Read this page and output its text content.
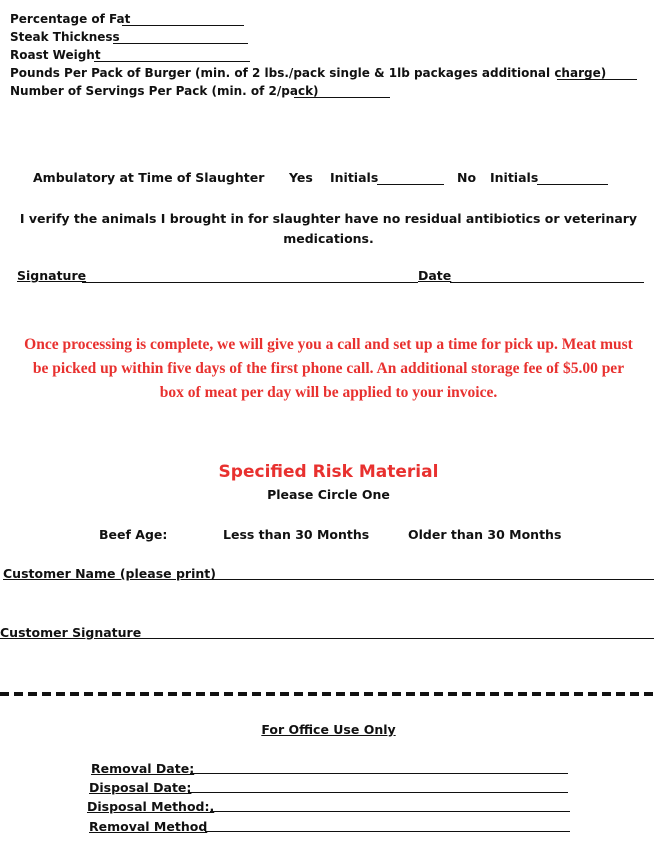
Percentage of Fat
Steak Thickness
Roast Weight
Pounds Per Pack of Burger (min. of 2 lbs./pack single & 1lb packages additional charge)
Number of Servings Per Pack (min. of 2/pack)
Ambulatory at Time of Slaughter Yes Initials	No Initials
I verify the animals I brought in for slaughter have no residual antibiotics or veterinary
medications.
Signature	Date
Once processing is complete, we will give you a call and set up a time for pick up. Meat must
be picked up within five days of the first phone call. An additional storage fee of $5.00 per
box of meat per day will be applied to your invoice.
Specified Risk Material
Please Circle One
Beef Age:	Less than 30 Months	Older than 30 Months
Customer Name (please print)
Customer Signature
For Office Use Only
Removal Date:
Disposal Date:
Disposal Method:.
Removal Method
